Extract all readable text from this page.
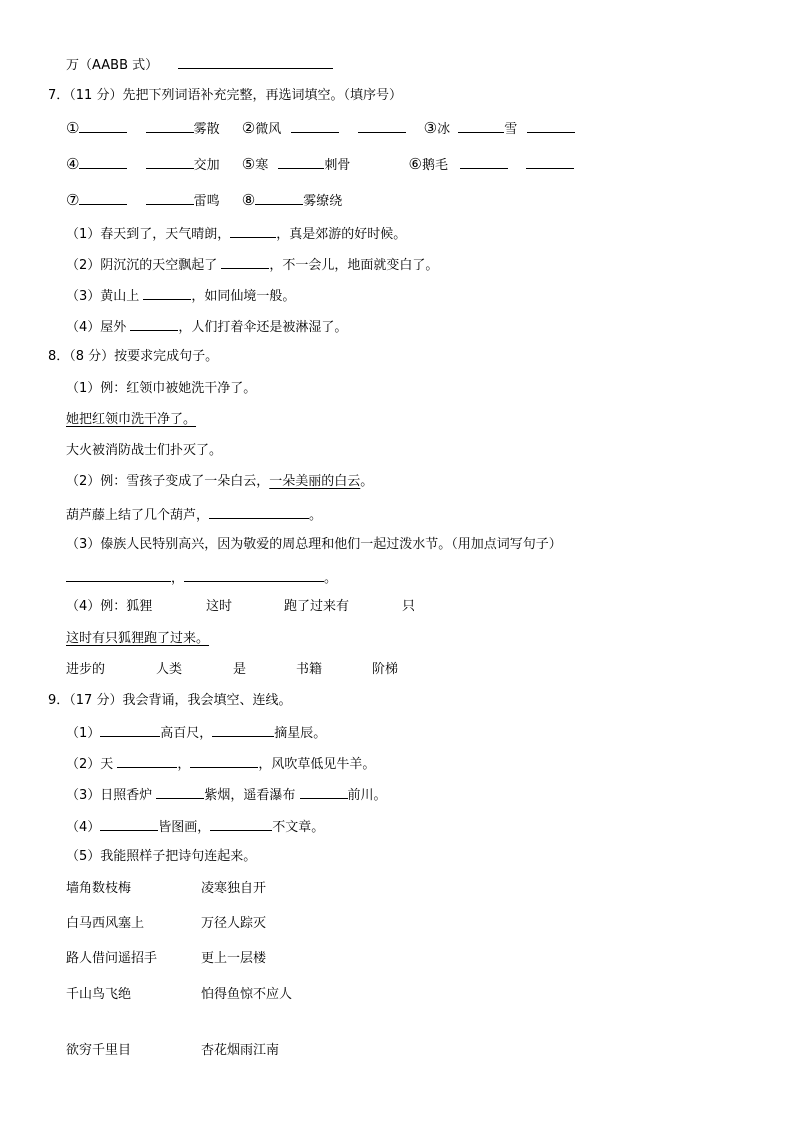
万（AABB 式）
7．（11 分）先把下列词语补充完整，再选词填空。（填序号）
①	雾散 ②微风	③冰	雪
④	交加 ⑤寒	刺骨	⑥鹅毛
⑦	雷鸣 ⑧	雾缭绕
（1）春天到了，天气晴朗，	，真是郊游的好时候。
（2）阴沉沉的天空飘起了	，不一会儿，地面就变白了。
（3）黄山上	，如同仙境一般。
（4）屋外	，人们打着伞还是被淋湿了。
8．（8 分）按要求完成句子。
（1）例：红领巾被她洗干净了。
她把红领巾洗干净了。
大火被消防战士们扑灭了。
（2）例：雪孩子变成了一朵白云，一朵美丽的白云。
葫芦藤上结了几个葫芦，	。
（3）傣族人民特别高兴，因为敬爱的周总理和他们一起过泼水节。（用加点词写句子）
，	。
（4）例：狐狸	这时	跑了过来有	只
这时有只狐狸跑了过来。
进步的	人类	是	书籍	阶梯
9．（17 分）我会背诵，我会填空、连线。
（1）	高百尺，	摘星辰。
（2）天	，	，风吹草低见牛羊。
（3）日照香炉	紫烟，遥看瀑布	前川。
（4）	皆图画，	不文章。
（5）我能照样子把诗句连起来。
墙角数枝梅	凌寒独自开
白马西风塞上	万径人踪灭
路人借问遥招手	更上一层楼
千山鸟飞绝	怕得鱼惊不应人
欲穷千里目	杏花烟雨江南
